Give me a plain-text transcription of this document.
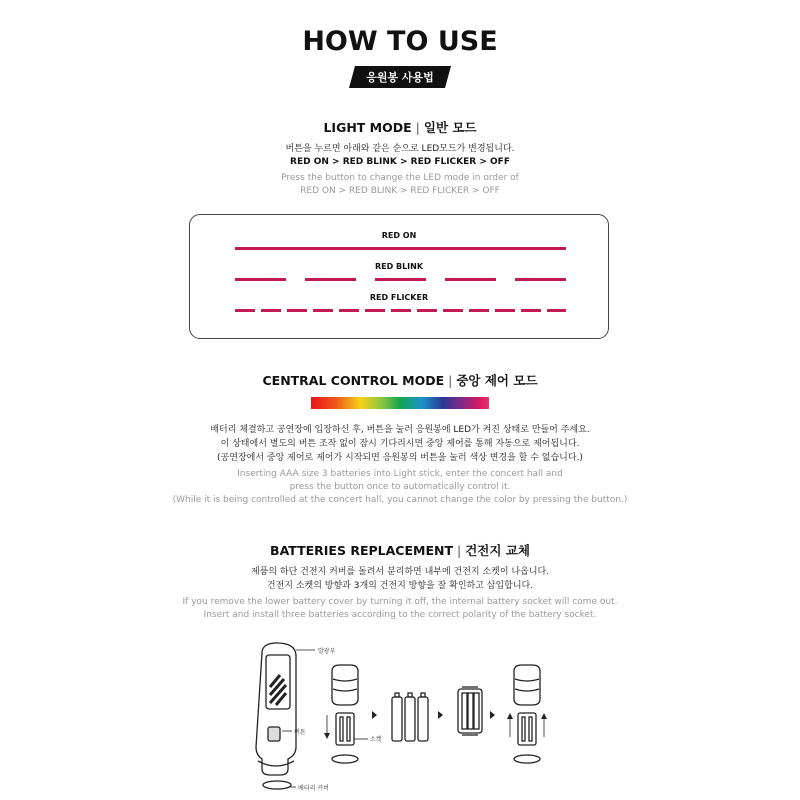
HOW TO USE
응원봉 사용법
LIGHT MODE | 일반 모드
버튼을 누르면 아래와 같은 순으로 LED모드가 변경됩니다.
RED ON > RED BLINK > RED FLICKER > OFF
Press the button to change the LED mode in order of
RED ON > RED BLINK > RED FLICKER > OFF
RED ON
RED BLINK
RED FLICKER
CENTRAL CONTROL MODE | 중앙 제어 모드
배터리 체결하고 공연장에 입장하신 후, 버튼을 눌러 응원봉에 LED가 켜진 상태로 만들어 주세요.
이 상태에서 별도의 버튼 조작 없이 잠시 기다리시면 중앙 제어를 통해 자동으로 제어됩니다.
(공연장에서 중앙 제어로 제어가 시작되면 응원봉의 버튼을 눌러 색상 변경을 할 수 없습니다.)
Inserting AAA size 3 batteries into Light stick, enter the concert hall and
press the button once to automatically control it.
(While it is being controlled at the concert hall, you cannot change the color by pressing the button.)
BATTERIES REPLACEMENT | 건전지 교체
제품의 하단 건전지 커버를 돌려서 분리하면 내부에 건전지 소켓이 나옵니다.
건전지 소켓의 방향과 3개의 건전지 방향을 잘 확인하고 삽입합니다.
If you remove the lower battery cover by turning it off, the internal battery socket will come out.
Insert and install three batteries according to the correct polarity of the battery socket.
발광부
버튼
소켓
배터리 커버
